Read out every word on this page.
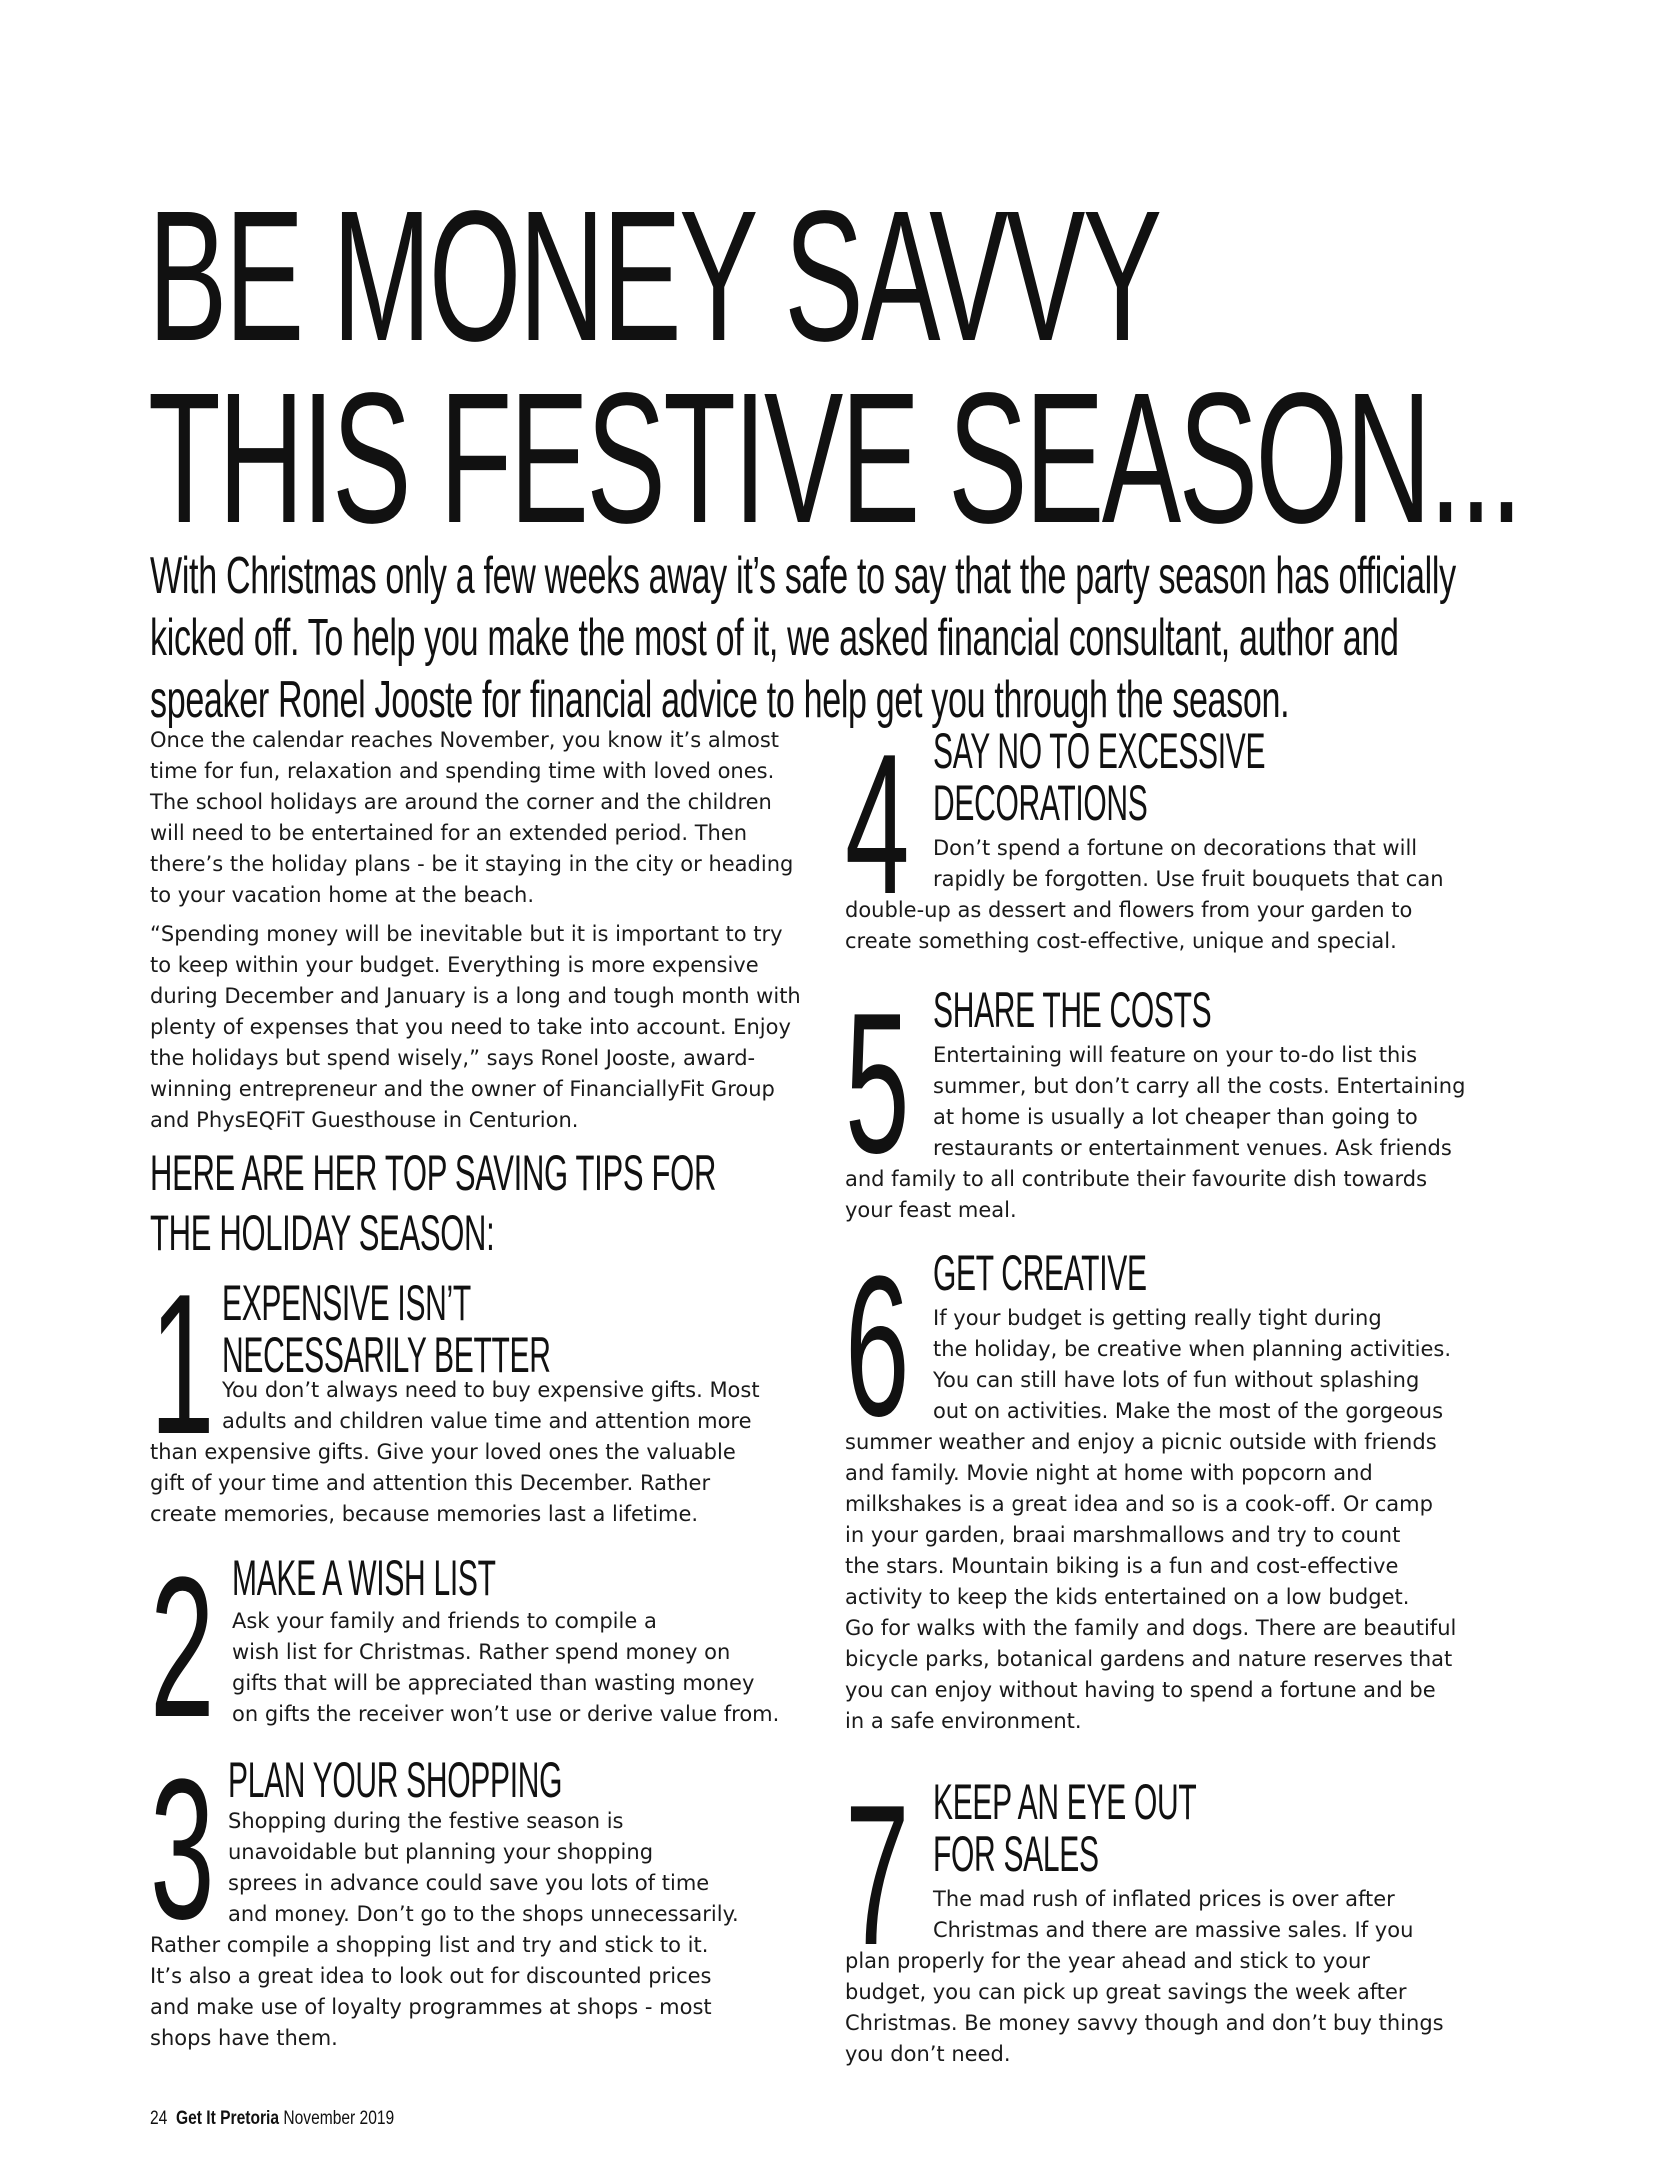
BE MONEY SAVVY
THIS FESTIVE SEASON...
With Christmas only a few weeks away it’s safe to say that the party season has officially
kicked off. To help you make the most of it, we asked financial consultant, author and
speaker Ronel Jooste for financial advice to help get you through the season.

Once the calendar reaches November, you know it’s almost time for fun, relaxation and spending time with loved ones. The school holidays are around the corner and the children will need to be entertained for an extended period. Then there’s the holiday plans - be it staying in the city or heading to your vacation home at the beach.

“Spending money will be inevitable but it is important to try to keep within your budget. Everything is more expensive during December and January is a long and tough month with plenty of expenses that you need to take into account. Enjoy the holidays but spend wisely,” says Ronel Jooste, award-winning entrepreneur and the owner of FinanciallyFit Group and PhysEQFiT Guesthouse in Centurion.

HERE ARE HER TOP SAVING TIPS FOR
THE HOLIDAY SEASON:
1 EXPENSIVE ISN’T
NECESSARILY BETTER
You don’t always need to buy expensive gifts. Most
adults and children value time and attention more
than expensive gifts. Give your loved ones the valuable
gift of your time and attention this December. Rather
create memories, because memories last a lifetime.
2 MAKE A WISH LIST
Ask your family and friends to compile a
wish list for Christmas. Rather spend money on
gifts that will be appreciated than wasting money
on gifts the receiver won’t use or derive value from.
3 PLAN YOUR SHOPPING
Shopping during the festive season is
unavoidable but planning your shopping
sprees in advance could save you lots of time
and money. Don’t go to the shops unnecessarily.
Rather compile a shopping list and try and stick to it.
It’s also a great idea to look out for discounted prices
and make use of loyalty programmes at shops - most
shops have them.
4 SAY NO TO EXCESSIVE
DECORATIONS
Don’t spend a fortune on decorations that will
rapidly be forgotten. Use fruit bouquets that can
double-up as dessert and flowers from your garden to
create something cost-effective, unique and special.
5 SHARE THE COSTS
Entertaining will feature on your to-do list this
summer, but don’t carry all the costs. Entertaining
at home is usually a lot cheaper than going to
restaurants or entertainment venues. Ask friends
and family to all contribute their favourite dish towards
your feast meal.
6 GET CREATIVE
If your budget is getting really tight during
the holiday, be creative when planning activities.
You can still have lots of fun without splashing
out on activities. Make the most of the gorgeous
summer weather and enjoy a picnic outside with friends
and family. Movie night at home with popcorn and
milkshakes is a great idea and so is a cook-off. Or camp
in your garden, braai marshmallows and try to count
the stars. Mountain biking is a fun and cost-effective
activity to keep the kids entertained on a low budget.
Go for walks with the family and dogs. There are beautiful
bicycle parks, botanical gardens and nature reserves that
you can enjoy without having to spend a fortune and be
in a safe environment.
7 KEEP AN EYE OUT
FOR SALES
The mad rush of inflated prices is over after
Christmas and there are massive sales. If you
plan properly for the year ahead and stick to your
budget, you can pick up great savings the week after
Christmas. Be money savvy though and don’t buy things
you don’t need.
24 Get It Pretoria November 2019
